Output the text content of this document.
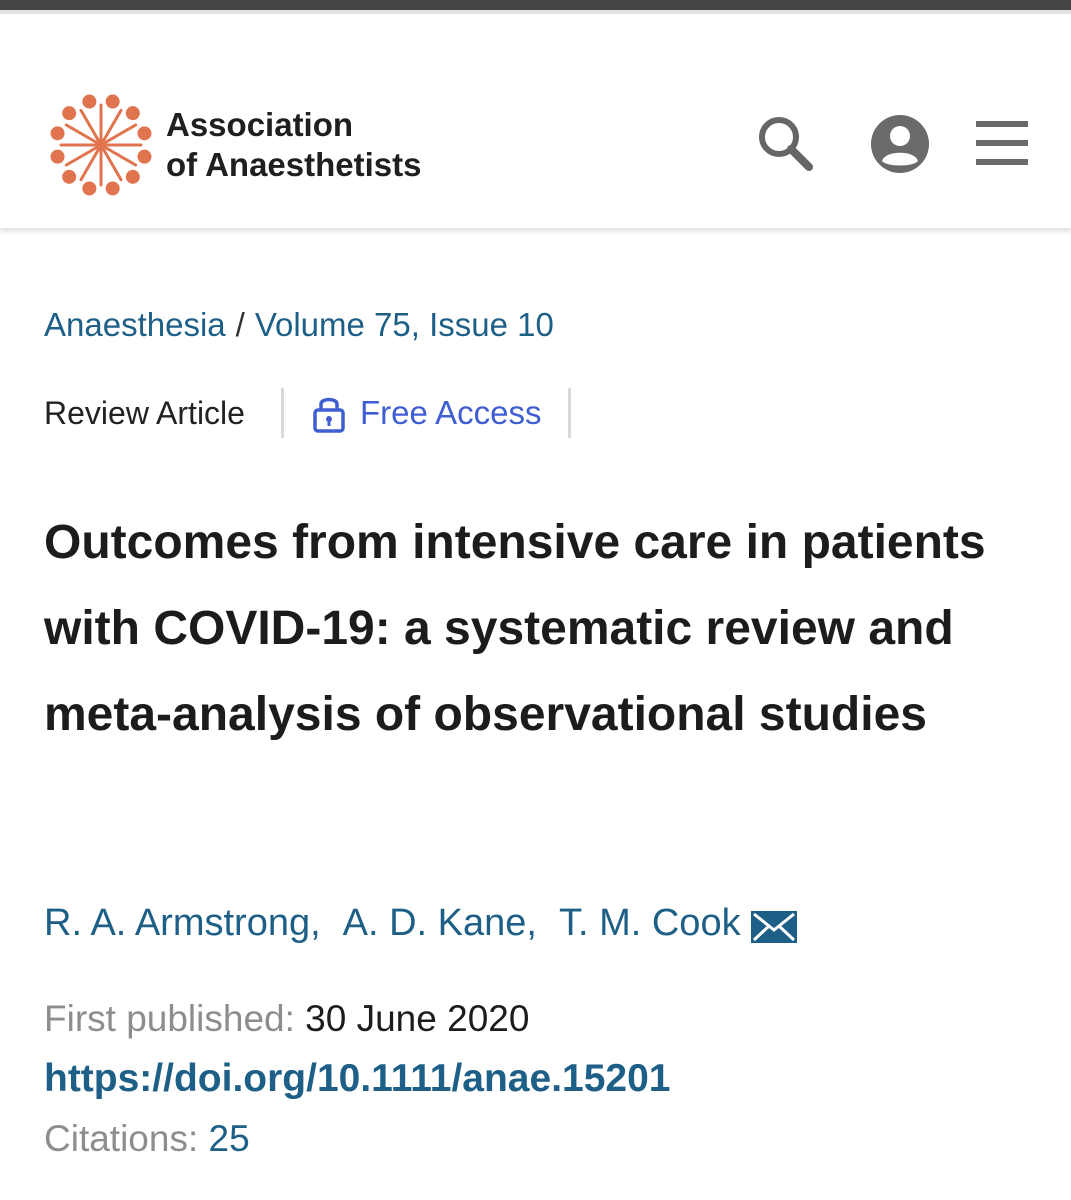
Association
of Anaesthetists
Anaesthesia / Volume 75, Issue 10
Review Article	Free Access
Outcomes from intensive care in patients with COVID-19: a systematic review and meta-analysis of observational studies
R. A. Armstrong , A. D. Kane , T. M. Cook
First published: 30 June 2020
https://doi.org/10.1111/anae.15201
Citations: 25
